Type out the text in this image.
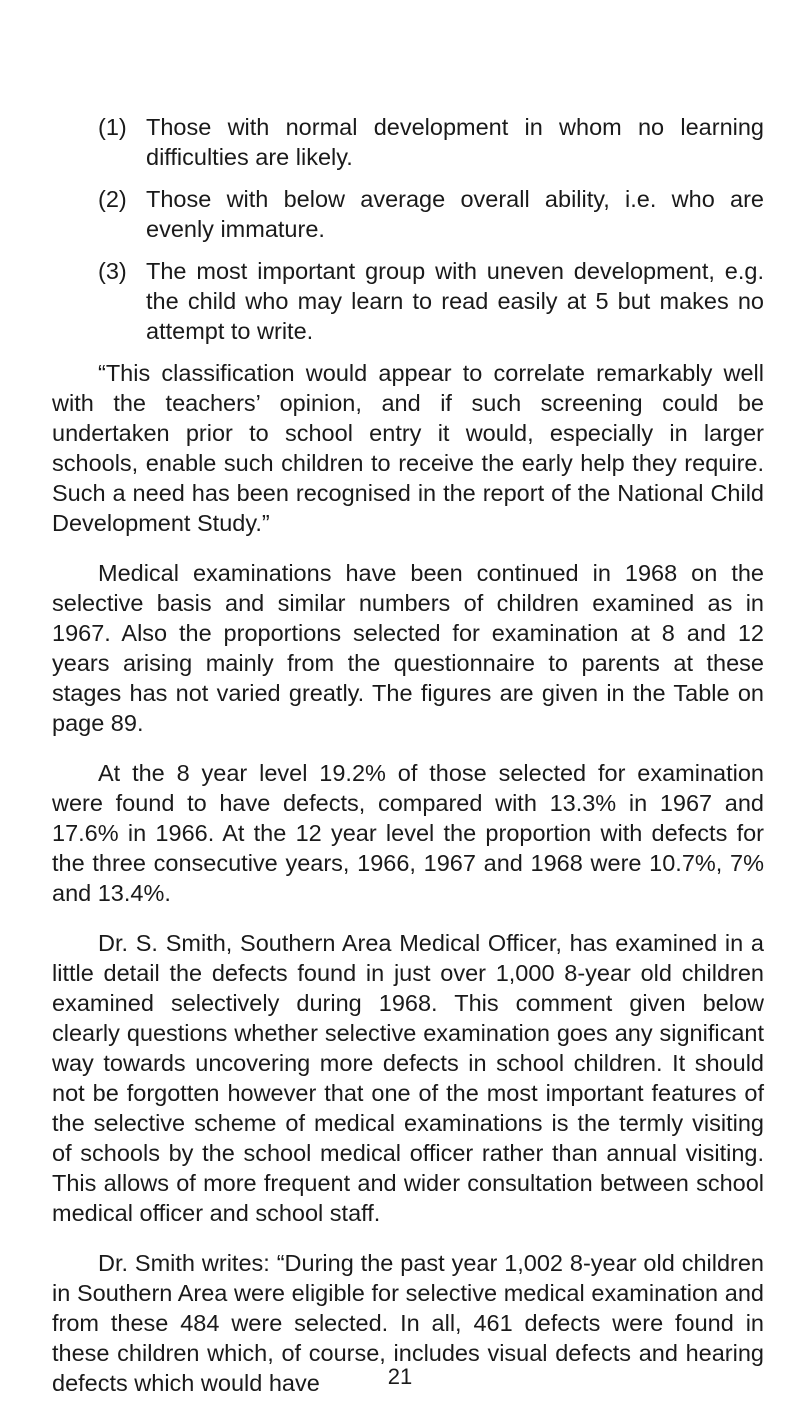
(1) Those with normal development in whom no learning difficulties are likely.
(2) Those with below average overall ability, i.e. who are evenly immature.
(3) The most important group with uneven development, e.g. the child who may learn to read easily at 5 but makes no attempt to write.

“This classification would appear to correlate remarkably well with the teachers’ opinion, and if such screening could be undertaken prior to school entry it would, especially in larger schools, enable such children to receive the early help they require. Such a need has been recognised in the report of the National Child Development Study.”

Medical examinations have been continued in 1968 on the selective basis and similar numbers of children examined as in 1967. Also the proportions selected for examination at 8 and 12 years arising mainly from the questionnaire to parents at these stages has not varied greatly. The figures are given in the Table on page 89.

At the 8 year level 19.2% of those selected for examination were found to have defects, compared with 13.3% in 1967 and 17.6% in 1966. At the 12 year level the proportion with defects for the three consecutive years, 1966, 1967 and 1968 were 10.7%, 7% and 13.4%.

Dr. S. Smith, Southern Area Medical Officer, has examined in a little detail the defects found in just over 1,000 8-year old children examined selectively during 1968. This comment given below clearly questions whether selective examination goes any significant way towards uncovering more defects in school children. It should not be forgotten however that one of the most important features of the selective scheme of medical examinations is the termly visiting of schools by the school medical officer rather than annual visiting. This allows of more frequent and wider consultation between school medical officer and school staff.

Dr. Smith writes: “During the past year 1,002 8-year old children in Southern Area were eligible for selective medical examination and from these 484 were selected. In all, 461 defects were found in these children which, of course, includes visual defects and hearing defects which would have	21
